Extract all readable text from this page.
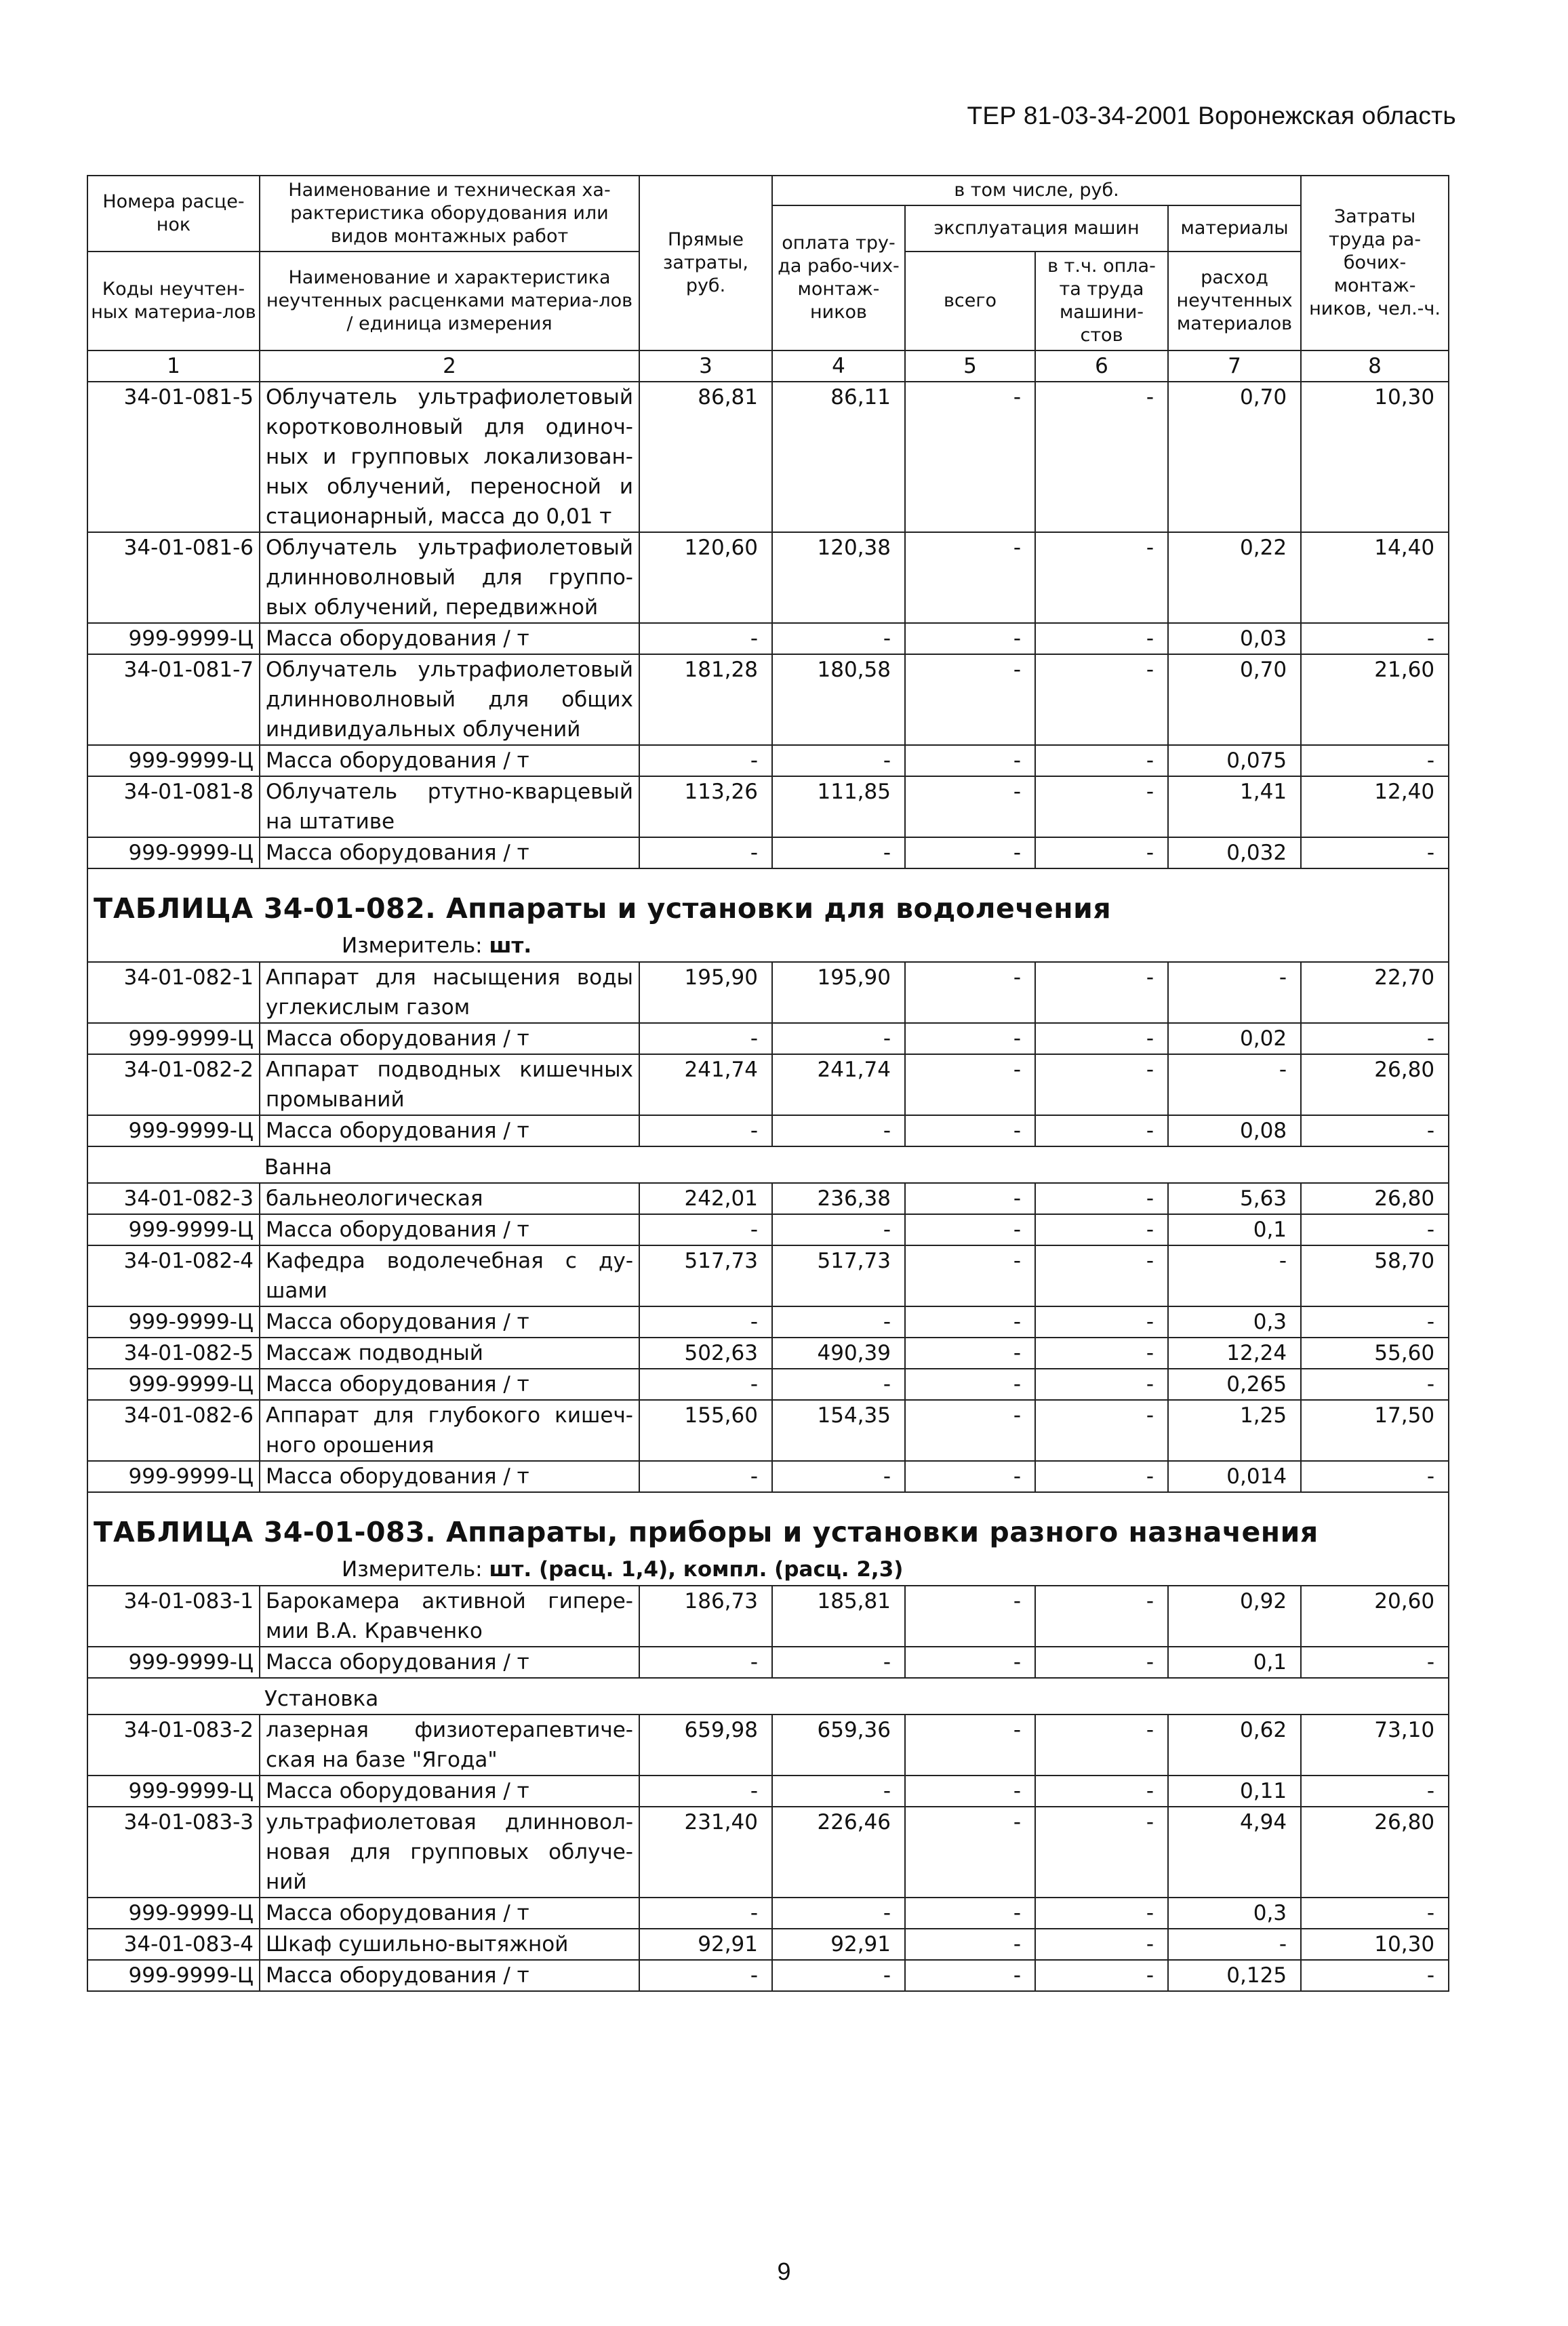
ТЕР 81-03-34-2001 Воронежская область
Номера расце-нок	Наименование и техническая ха-рактеристика оборудования или видов монтажных работ	Прямые затраты, руб.	в том числе, руб.				Затраты труда ра-бочих-монтаж-ников, чел.-ч.
			оплата тру-да рабо-чих-монтаж-ников	эксплуатация машин		материалы	
Коды неучтен-ных материа-лов	Наименование и характеристика неучтенных расценками материа-лов / единица измерения			всего	в т.ч. опла-та труда машини-стов	расход неучтенных материалов	

1	2	3	4	5	6	7	8
34-01-081-5	Облучатель ультрафиолетовый коротковолновый для одиноч-ных и групповых локализован-ных облучений, переносной и стационарный, масса до 0,01 т	86,81	86,11	-	-	0,70	10,30
34-01-081-6	Облучатель ультрафиолетовый длинноволновый для группо-вых облучений, передвижной	120,60	120,38	-	-	0,22	14,40
999-9999-Ц	Масса оборудования / т	-	-	-	-	0,03	-
34-01-081-7	Облучатель ультрафиолетовый длинноволновый для общих индивидуальных облучений	181,28	180,58	-	-	0,70	21,60
999-9999-Ц	Масса оборудования / т	-	-	-	-	0,075	-
34-01-081-8	Облучатель ртутно-кварцевый на штативе	113,26	111,85	-	-	1,41	12,40
999-9999-Ц	Масса оборудования / т	-	-	-	-	0,032	-

ТАБЛИЦА 34-01-082. Аппараты и установки для водолечения
Измеритель: шт.							

34-01-082-1	Аппарат для насыщения воды углекислым газом	195,90	195,90	-	-	-	22,70
999-9999-Ц	Масса оборудования / т	-	-	-	-	0,02	-
34-01-082-2	Аппарат подводных кишечных промываний	241,74	241,74	-	-	-	26,80
999-9999-Ц	Масса оборудования / т	-	-	-	-	0,08	-
Ванна							
34-01-082-3	бальнеологическая	242,01	236,38	-	-	5,63	26,80
999-9999-Ц	Масса оборудования / т	-	-	-	-	0,1	-
34-01-082-4	Кафедра водолечебная с ду-шами	517,73	517,73	-	-	-	58,70
999-9999-Ц	Масса оборудования / т	-	-	-	-	0,3	-
34-01-082-5	Массаж подводный	502,63	490,39	-	-	12,24	55,60
999-9999-Ц	Масса оборудования / т	-	-	-	-	0,265	-
34-01-082-6	Аппарат для глубокого кишеч-ного орошения	155,60	154,35	-	-	1,25	17,50
999-9999-Ц	Масса оборудования / т	-	-	-	-	0,014	-

ТАБЛИЦА 34-01-083. Аппараты, приборы и установки разного назначения
Измеритель: шт. (расц. 1,4), компл. (расц. 2,3)							

34-01-083-1	Барокамера активной гиперe-мии В.А. Кравченко	186,73	185,81	-	-	0,92	20,60
999-9999-Ц	Масса оборудования / т	-	-	-	-	0,1	-
Установка							
34-01-083-2	лазерная физиотерапевтиче-ская на базе "Ягода"	659,98	659,36	-	-	0,62	73,10
999-9999-Ц	Масса оборудования / т	-	-	-	-	0,11	-
34-01-083-3	ультрафиолетовая длинновол-новая для групповых облуче-ний	231,40	226,46	-	-	4,94	26,80
999-9999-Ц	Масса оборудования / т	-	-	-	-	0,3	-
34-01-083-4	Шкаф сушильно-вытяжной	92,91	92,91	-	-	-	10,30
999-9999-Ц	Масса оборудования / т	-	-	-	-	0,125	-
9
